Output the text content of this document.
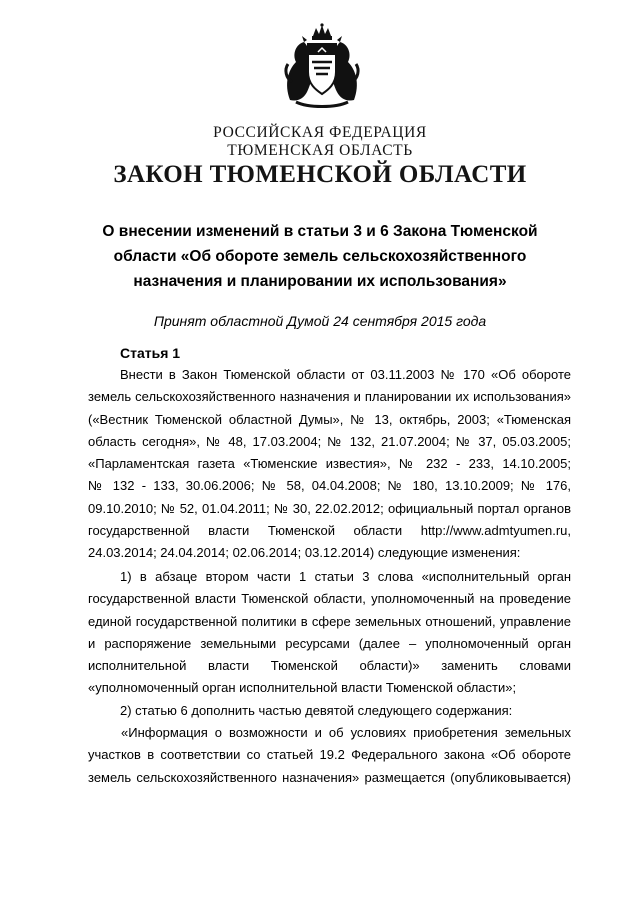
РОССИЙСКАЯ ФЕДЕРАЦИЯ
ТЮМЕНСКАЯ ОБЛАСТЬ
ЗАКОН ТЮМЕНСКОЙ ОБЛАСТИ
О внесении изменений в статьи 3 и 6 Закона Тюменской
области «Об обороте земель сельскохозяйственного
назначения и планировании их использования»
Принят областной Думой 24 сентября 2015 года
Статья 1
Внести в Закон Тюменской области от 03.11.2003 № 170 «Об обороте
земель сельскохозяйственного назначения и планировании их использования»
(«Вестник Тюменской областной Думы», № 13, октябрь, 2003; «Тюменская
область сегодня», № 48, 17.03.2004; № 132, 21.07.2004; № 37, 05.03.2005;
«Парламентская газета «Тюменские известия», № 232 - 233, 14.10.2005;
№ 132 - 133, 30.06.2006; № 58, 04.04.2008; № 180, 13.10.2009; № 176,
09.10.2010; № 52, 01.04.2011; № 30, 22.02.2012; официальный портал органов
государственной власти Тюменской области http://www.admtyumen.ru,
24.03.2014; 24.04.2014; 02.06.2014; 03.12.2014) следующие изменения:
1) в абзаце втором части 1 статьи 3 слова «исполнительный орган
государственной власти Тюменской области, уполномоченный на проведение
единой государственной политики в сфере земельных отношений, управление
и распоряжение земельными ресурсами (далее – уполномоченный орган
исполнительной власти Тюменской области)» заменить словами
«уполномоченный орган исполнительной власти Тюменской области»;
2) статью 6 дополнить частью девятой следующего содержания:
«Информация о возможности и об условиях приобретения земельных
участков в соответствии со статьей 19.2 Федерального закона «Об обороте
земель сельскохозяйственного назначения» размещается (опубликовывается)
